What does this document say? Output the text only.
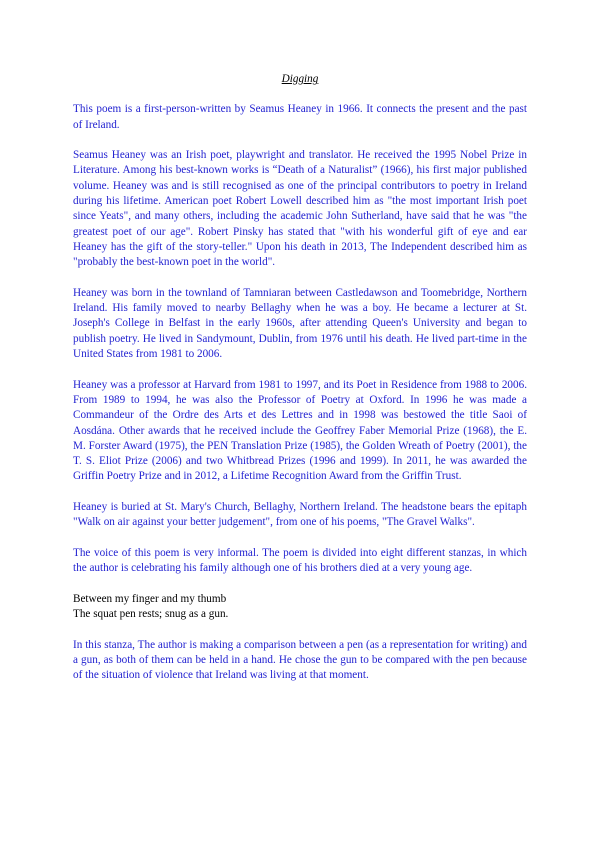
Digging

This poem is a first-person-written by Seamus Heaney in 1966. It connects the present and the past of Ireland.

Seamus Heaney was an Irish poet, playwright and translator. He received the 1995 Nobel Prize in Literature. Among his best-known works is “Death of a Naturalist” (1966), his first major published volume. Heaney was and is still recognised as one of the principal contributors to poetry in Ireland during his lifetime. American poet Robert Lowell described him as "the most important Irish poet since Yeats", and many others, including the academic John Sutherland, have said that he was "the greatest poet of our age". Robert Pinsky has stated that "with his wonderful gift of eye and ear Heaney has the gift of the story-teller." Upon his death in 2013, The Independent described him as "probably the best-known poet in the world".

Heaney was born in the townland of Tamniaran between Castledawson and Toomebridge, Northern Ireland. His family moved to nearby Bellaghy when he was a boy. He became a lecturer at St. Joseph's College in Belfast in the early 1960s, after attending Queen's University and began to publish poetry. He lived in Sandymount, Dublin, from 1976 until his death. He lived part-time in the United States from 1981 to 2006.

Heaney was a professor at Harvard from 1981 to 1997, and its Poet in Residence from 1988 to 2006. From 1989 to 1994, he was also the Professor of Poetry at Oxford. In 1996 he was made a Commandeur of the Ordre des Arts et des Lettres and in 1998 was bestowed the title Saoi of Aosdána. Other awards that he received include the Geoffrey Faber Memorial Prize (1968), the E. M. Forster Award (1975), the PEN Translation Prize (1985), the Golden Wreath of Poetry (2001), the T. S. Eliot Prize (2006) and two Whitbread Prizes (1996 and 1999). In 2011, he was awarded the Griffin Poetry Prize and in 2012, a Lifetime Recognition Award from the Griffin Trust.

Heaney is buried at St. Mary's Church, Bellaghy, Northern Ireland. The headstone bears the epitaph "Walk on air against your better judgement", from one of his poems, "The Gravel Walks".

The voice of this poem is very informal. The poem is divided into eight different stanzas, in which the author is celebrating his family although one of his brothers died at a very young age.

Between my finger and my thumb
The squat pen rests; snug as a gun.

In this stanza, The author is making a comparison between a pen (as a representation for writing) and a gun, as both of them can be held in a hand. He chose the gun to be compared with the pen because of the situation of violence that Ireland was living at that moment.
